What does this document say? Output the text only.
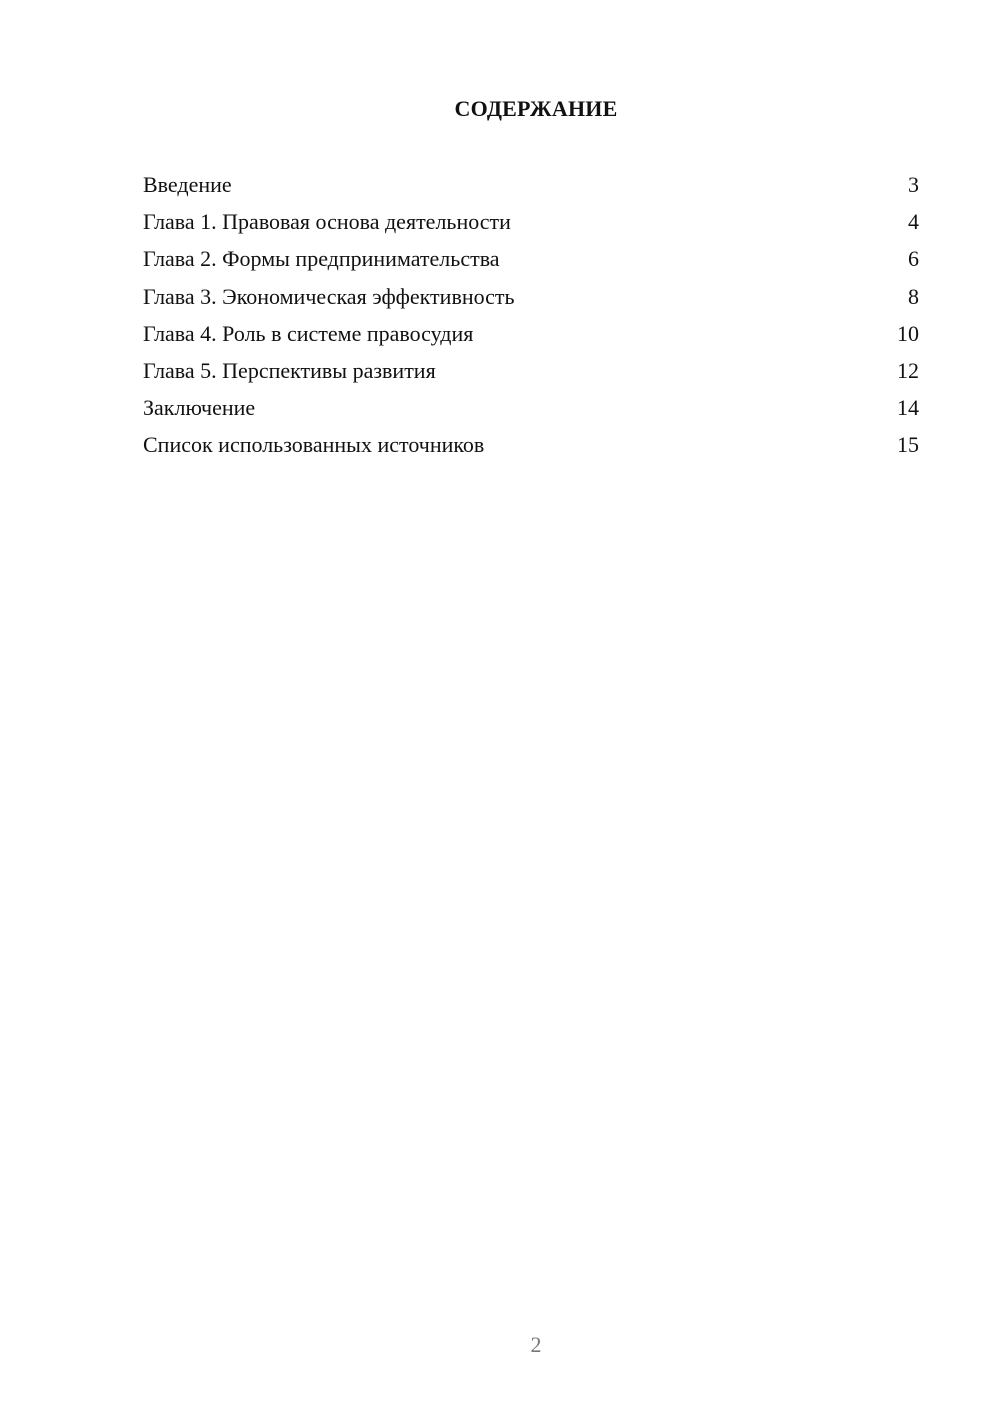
СОДЕРЖАНИЕ
Введение	3
Глава 1. Правовая основа деятельности	4
Глава 2. Формы предпринимательства	6
Глава 3. Экономическая эффективность	8
Глава 4. Роль в системе правосудия	10
Глава 5. Перспективы развития	12
Заключение	14
Список использованных источников	15
2
